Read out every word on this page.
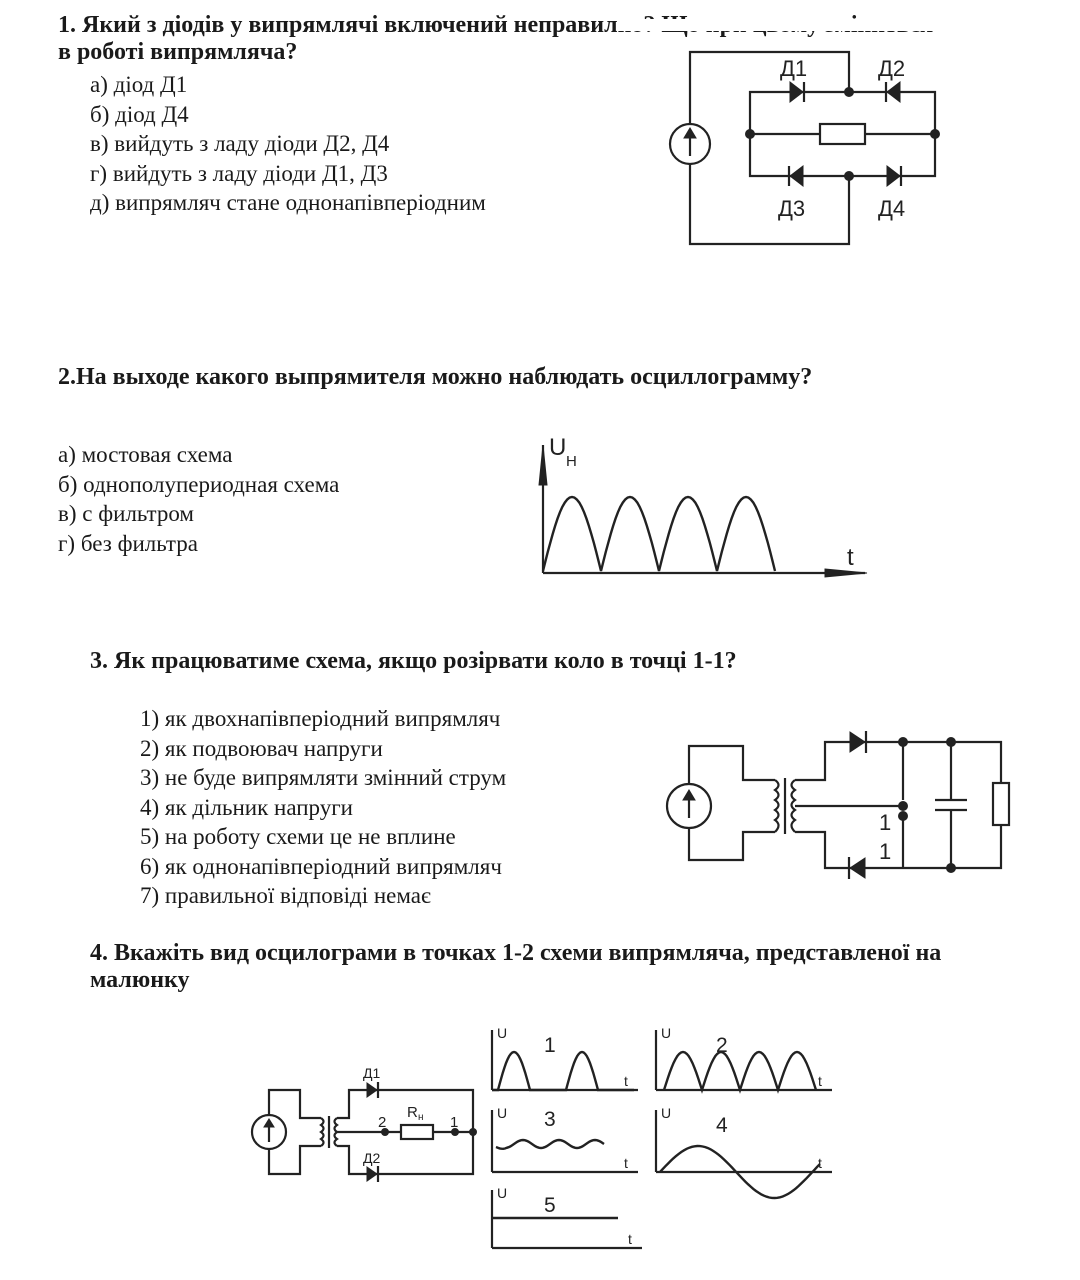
1. Який з діодів у випрямлячі включений неправилно? Що при цьому зміниться

в роботі випрямляча?

а) діод Д1
б) діод Д4
в) вийдуть з ладу діоди Д2, Д4
г) вийдуть з ладу діоди Д1, Д3
д) випрямляч стане однонапівперіодним
Д1	Д2
Д3	Д4

2.На выходе какого выпрямителя можно наблюдать осциллограмму?

а) мостовая схема
б) однополупериодная схема
в) с фильтром
г) без фильтра
U
Н
t

3. Як працюватиме схема, якщо розірвати коло в точці 1-1?

1) як двохнапівперіодний випрямляч
2) як подвоювач напруги
3) не буде випрямляти змінний струм
4) як дільник напруги
5) на роботу схеми це не вплине
6) як однонапівперіодний випрямляч
7) правильної відповіді немає
1
1

4. Вкажіть вид осцилограми в точках 1-2 схеми випрямляча, представленої на

малюнку

Д1
Д2
R н
2	1
U
t
1
U
t
2
U
t
3	U
t
4
U
t
5
